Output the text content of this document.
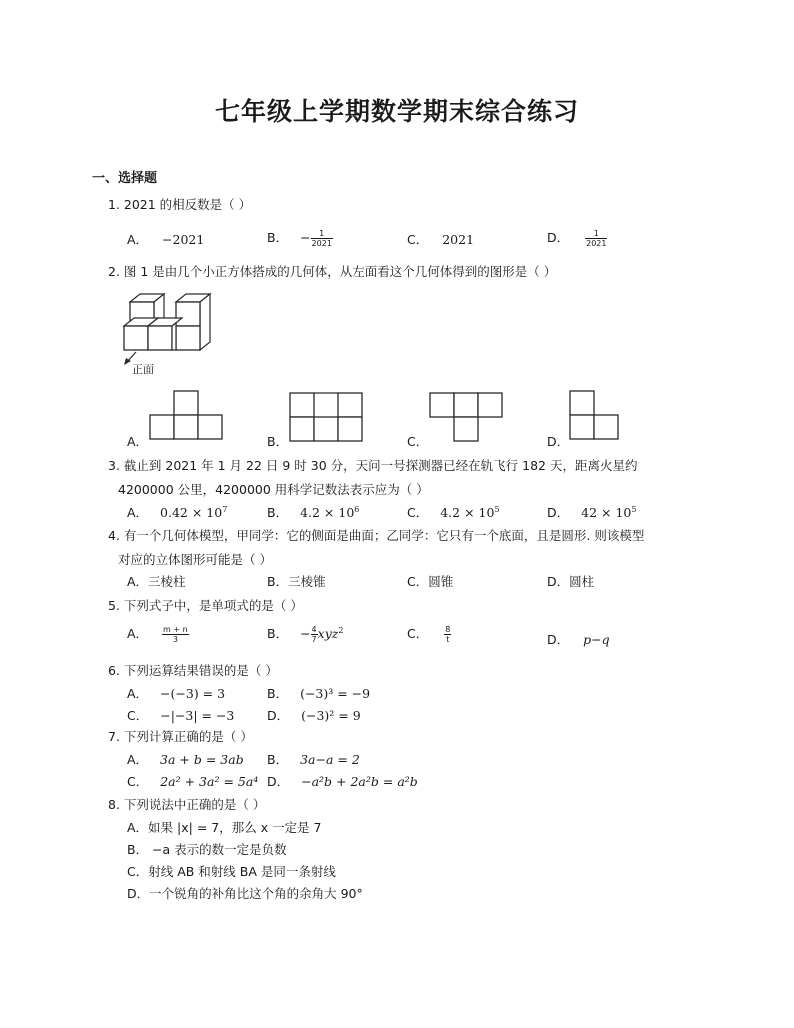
七年级上学期数学期末综合练习
一、选择题
1. 2021 的相反数是（ ）
A． −2021	B． − $\frac{1}{2021}$	C． 2021	D． $\frac{1}{2021}$
2. 图 1 是由几个小正方体搭成的几何体，从左面看这个几何体得到的图形是（ ）
正面
A．	B．	C．	D．
3. 截止到 2021 年 1 月 22 日 9 时 30 分，天问一号探测器已经在轨飞行 182 天，距离火星约
4200000 公里，4200000 用科学记数法表示应为（ ）
A． $0.42 \times 10^7$	B． $4.2 \times 10^6$	C． $4.2 \times 10^5$	D． $42 \times 10^5$
4. 有一个几何体模型，甲同学：它的侧面是曲面；乙同学：它只有一个底面，且是圆形. 则该模型
对应的立体图形可能是（ ）
A．三棱柱	B．三棱锥	C．圆锥	D．圆柱
5. 下列式子中，是单项式的是（ ）
A． $\frac{m + n}{3}$	B． − $\frac{4}{7} xyz^2$	C． $\frac{8}{t}$	D． p−q
6. 下列运算结果错误的是（ ）
A． −(−3) = 3	B． (−3)³ = −9
C． −|−3| = −3	D． (−3)² = 9
7. 下列计算正确的是（ ）
A． 3a + b = 3ab B． 3a−a = 2
C． 2a² + 3a² = 5a⁴ D． −a²b + 2a²b = a²b
8. 下列说法中正确的是（ ）
A．如果 |x| = 7，那么 x 一定是 7
B． −a 表示的数一定是负数
C．射线 AB 和射线 BA 是同一条射线
D．一个锐角的补角比这个角的余角大 90°
